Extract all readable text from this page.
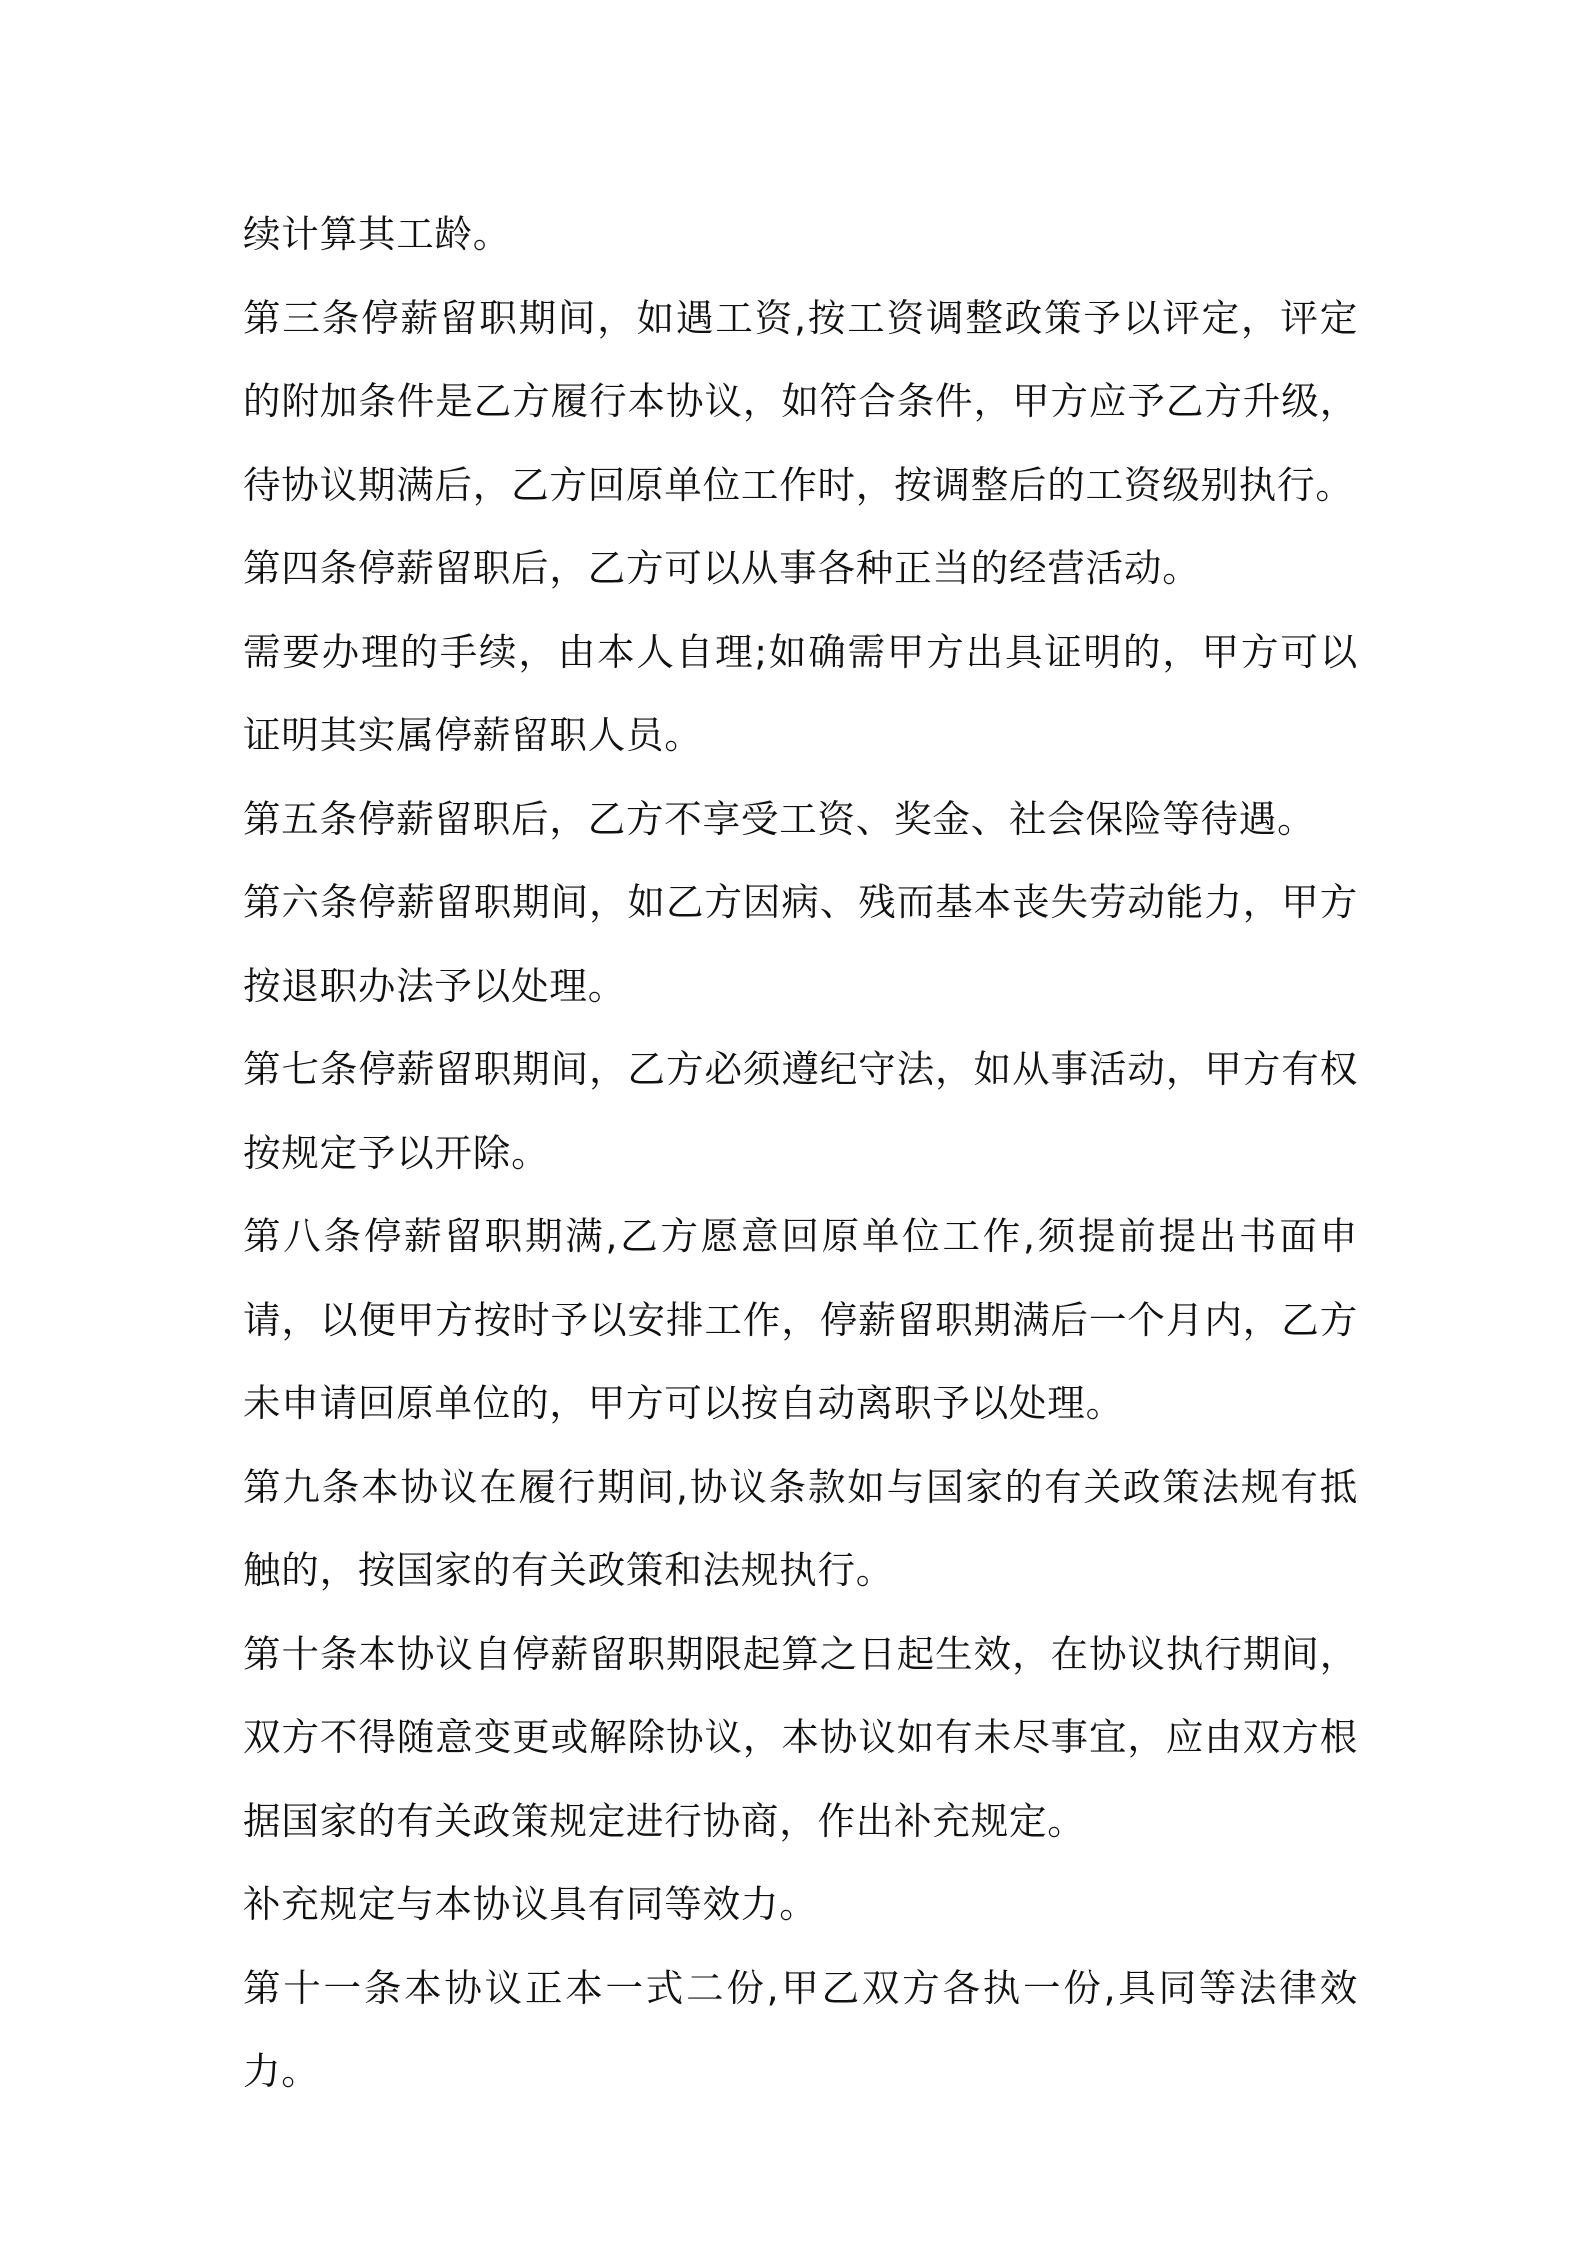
续计算其工龄。

第三条停薪留职期间，如遇工资,按工资调整政策予以评定，评定的附加条件是乙方履行本协议，如符合条件，甲方应予乙方升级，待协议期满后，乙方回原单位工作时，按调整后的工资级别执行。

第四条停薪留职后，乙方可以从事各种正当的经营活动。

需要办理的手续，由本人自理;如确需甲方出具证明的，甲方可以证明其实属停薪留职人员。

第五条停薪留职后，乙方不享受工资、奖金、社会保险等待遇。

第六条停薪留职期间，如乙方因病、残而基本丧失劳动能力，甲方按退职办法予以处理。

第七条停薪留职期间，乙方必须遵纪守法，如从事活动，甲方有权按规定予以开除。

第八条停薪留职期满,乙方愿意回原单位工作,须提前提出书面申请，以便甲方按时予以安排工作，停薪留职期满后一个月内，乙方未申请回原单位的，甲方可以按自动离职予以处理。

第九条本协议在履行期间,协议条款如与国家的有关政策法规有抵触的，按国家的有关政策和法规执行。

第十条本协议自停薪留职期限起算之日起生效，在协议执行期间，双方不得随意变更或解除协议，本协议如有未尽事宜，应由双方根据国家的有关政策规定进行协商，作出补充规定。

补充规定与本协议具有同等效力。

第十一条本协议正本一式二份,甲乙双方各执一份,具同等法律效力。
